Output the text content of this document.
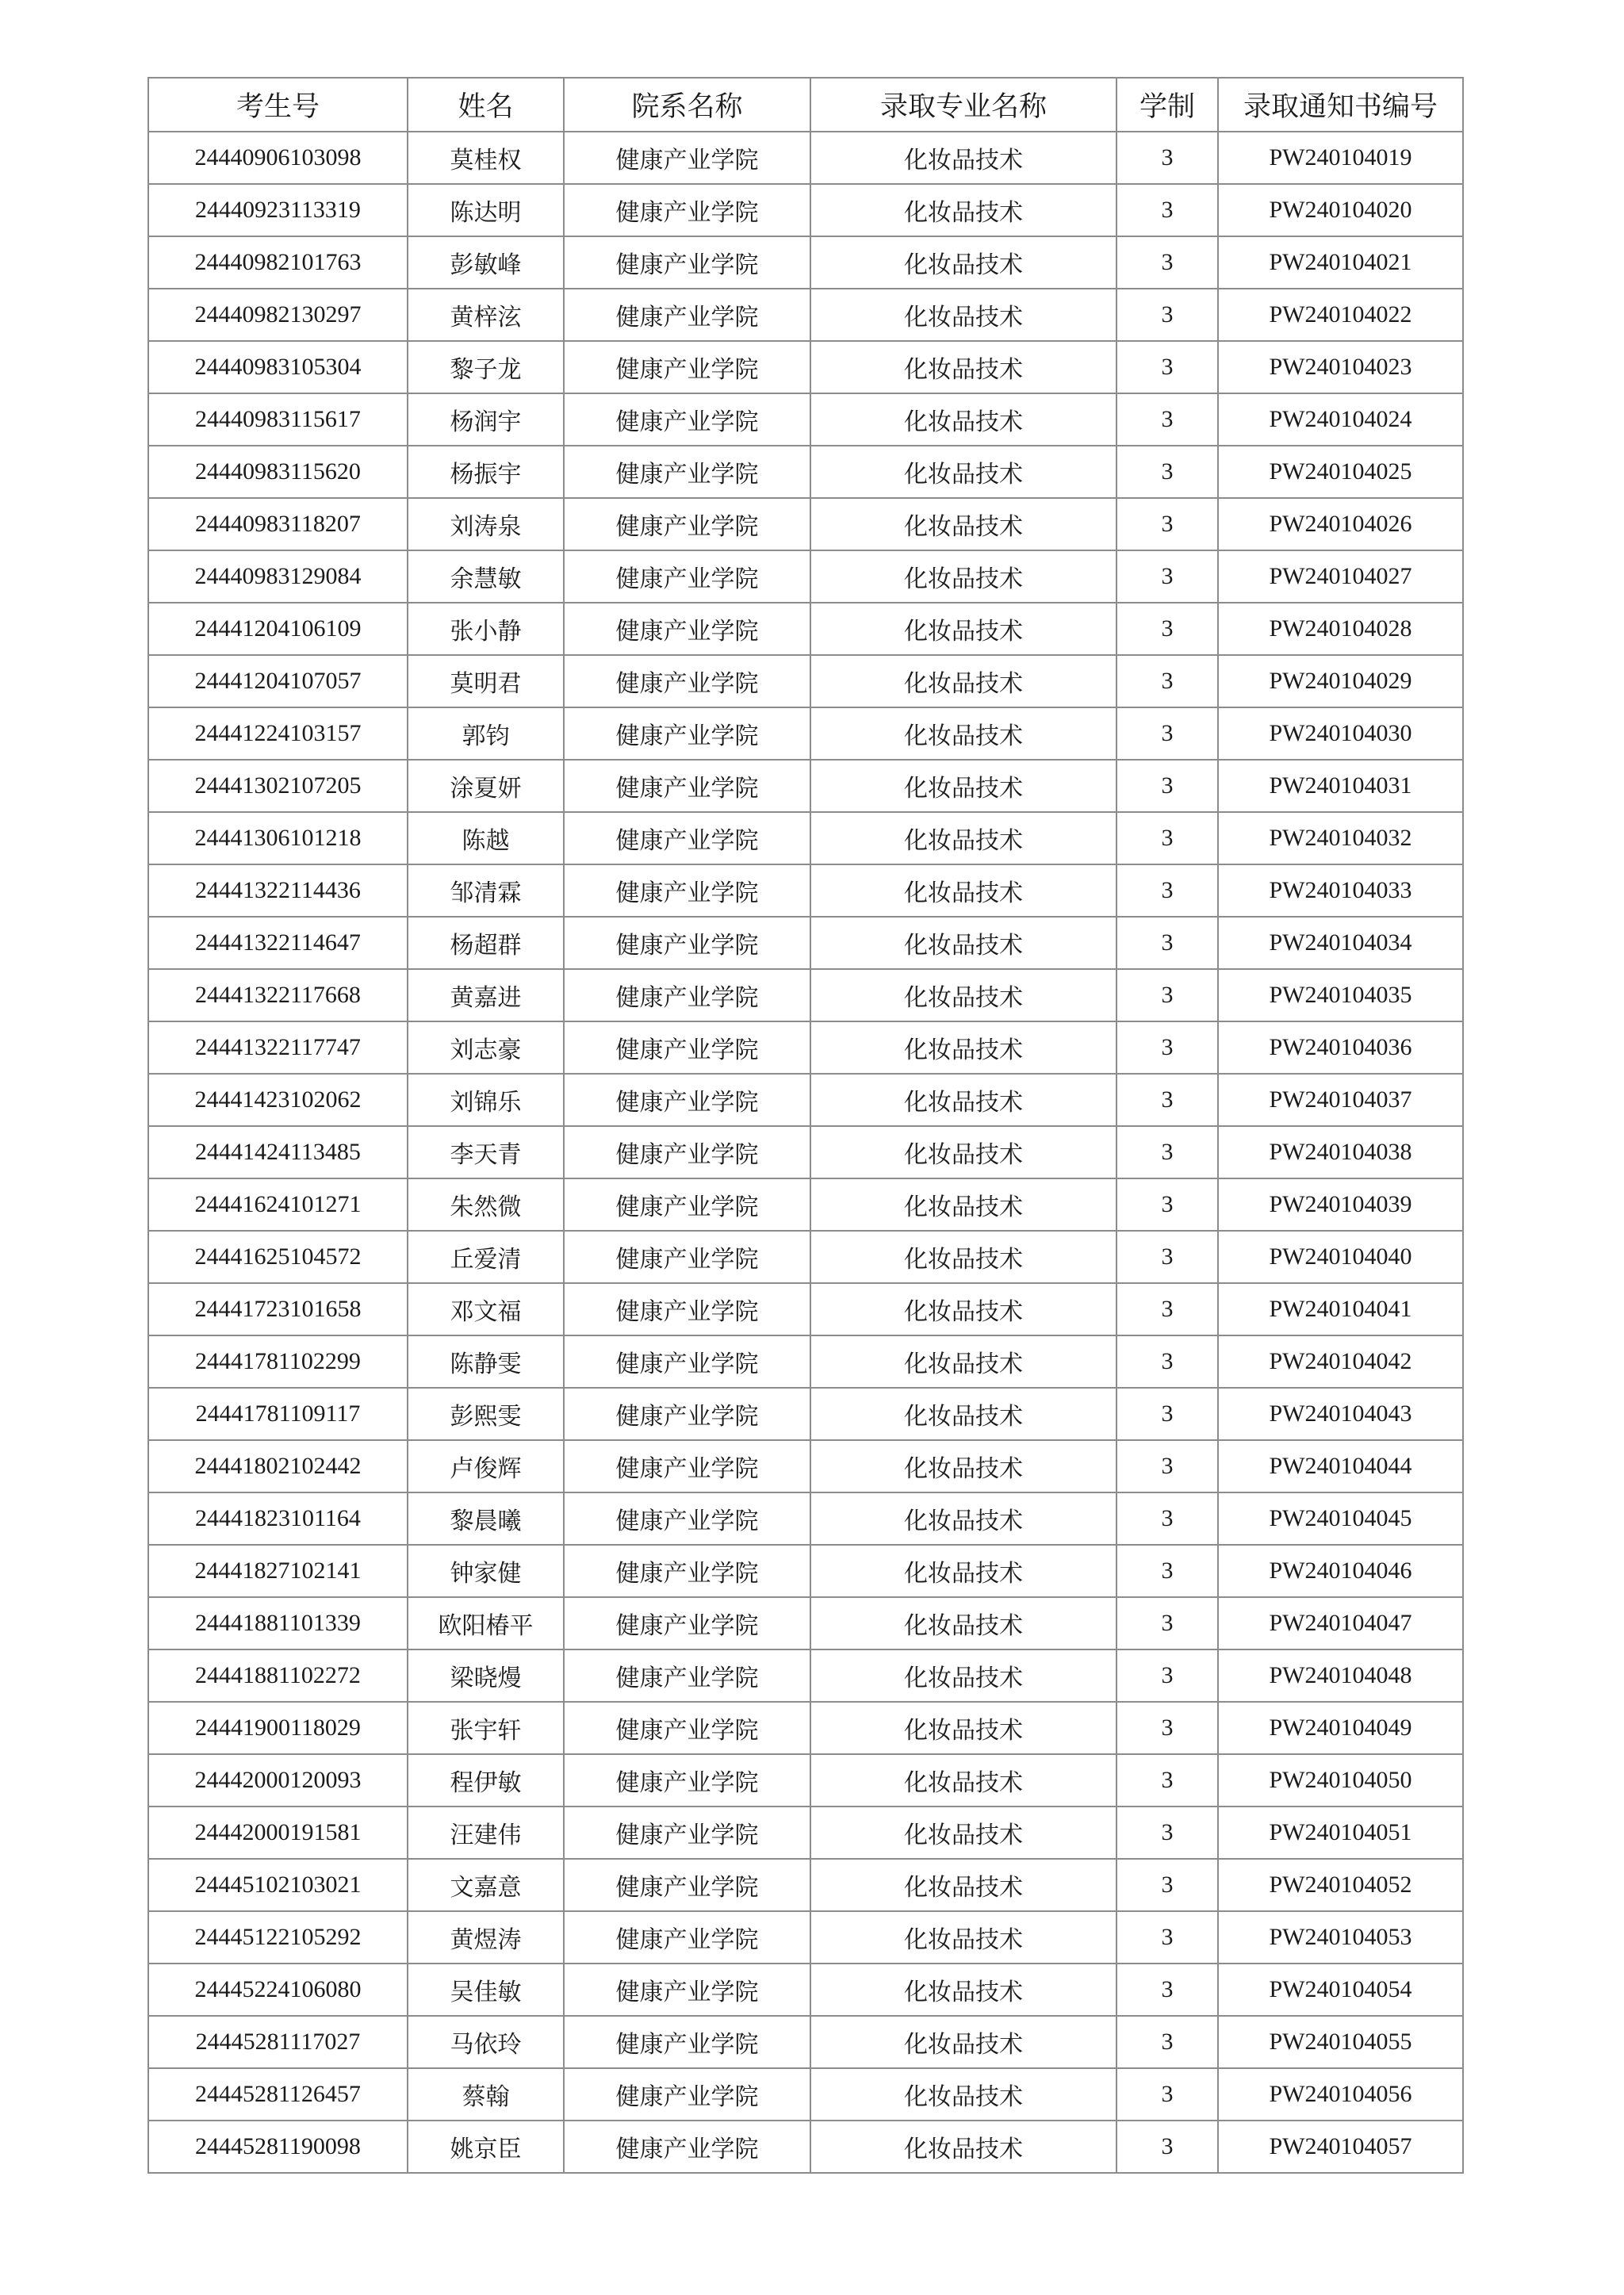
考生号	姓名	院系名称	录取专业名称	学制	录取通知书编号
24440906103098	莫桂权	健康产业学院	化妆品技术	3	PW240104019
24440923113319	陈达明	健康产业学院	化妆品技术	3	PW240104020
24440982101763	彭敏峰	健康产业学院	化妆品技术	3	PW240104021
24440982130297	黄梓泫	健康产业学院	化妆品技术	3	PW240104022
24440983105304	黎子龙	健康产业学院	化妆品技术	3	PW240104023
24440983115617	杨润宇	健康产业学院	化妆品技术	3	PW240104024
24440983115620	杨振宇	健康产业学院	化妆品技术	3	PW240104025
24440983118207	刘涛泉	健康产业学院	化妆品技术	3	PW240104026
24440983129084	余慧敏	健康产业学院	化妆品技术	3	PW240104027
24441204106109	张小静	健康产业学院	化妆品技术	3	PW240104028
24441204107057	莫明君	健康产业学院	化妆品技术	3	PW240104029
24441224103157	郭钧	健康产业学院	化妆品技术	3	PW240104030
24441302107205	涂夏妍	健康产业学院	化妆品技术	3	PW240104031
24441306101218	陈越	健康产业学院	化妆品技术	3	PW240104032
24441322114436	邹清霖	健康产业学院	化妆品技术	3	PW240104033
24441322114647	杨超群	健康产业学院	化妆品技术	3	PW240104034
24441322117668	黄嘉进	健康产业学院	化妆品技术	3	PW240104035
24441322117747	刘志豪	健康产业学院	化妆品技术	3	PW240104036
24441423102062	刘锦乐	健康产业学院	化妆品技术	3	PW240104037
24441424113485	李天青	健康产业学院	化妆品技术	3	PW240104038
24441624101271	朱然微	健康产业学院	化妆品技术	3	PW240104039
24441625104572	丘爱清	健康产业学院	化妆品技术	3	PW240104040
24441723101658	邓文福	健康产业学院	化妆品技术	3	PW240104041
24441781102299	陈静雯	健康产业学院	化妆品技术	3	PW240104042
24441781109117	彭熙雯	健康产业学院	化妆品技术	3	PW240104043
24441802102442	卢俊辉	健康产业学院	化妆品技术	3	PW240104044
24441823101164	黎晨曦	健康产业学院	化妆品技术	3	PW240104045
24441827102141	钟家健	健康产业学院	化妆品技术	3	PW240104046
24441881101339	欧阳椿平	健康产业学院	化妆品技术	3	PW240104047
24441881102272	梁晓熳	健康产业学院	化妆品技术	3	PW240104048
24441900118029	张宇轩	健康产业学院	化妆品技术	3	PW240104049
24442000120093	程伊敏	健康产业学院	化妆品技术	3	PW240104050
24442000191581	汪建伟	健康产业学院	化妆品技术	3	PW240104051
24445102103021	文嘉意	健康产业学院	化妆品技术	3	PW240104052
24445122105292	黄煜涛	健康产业学院	化妆品技术	3	PW240104053
24445224106080	吴佳敏	健康产业学院	化妆品技术	3	PW240104054
24445281117027	马依玲	健康产业学院	化妆品技术	3	PW240104055
24445281126457	蔡翰	健康产业学院	化妆品技术	3	PW240104056
24445281190098	姚京臣	健康产业学院	化妆品技术	3	PW240104057
